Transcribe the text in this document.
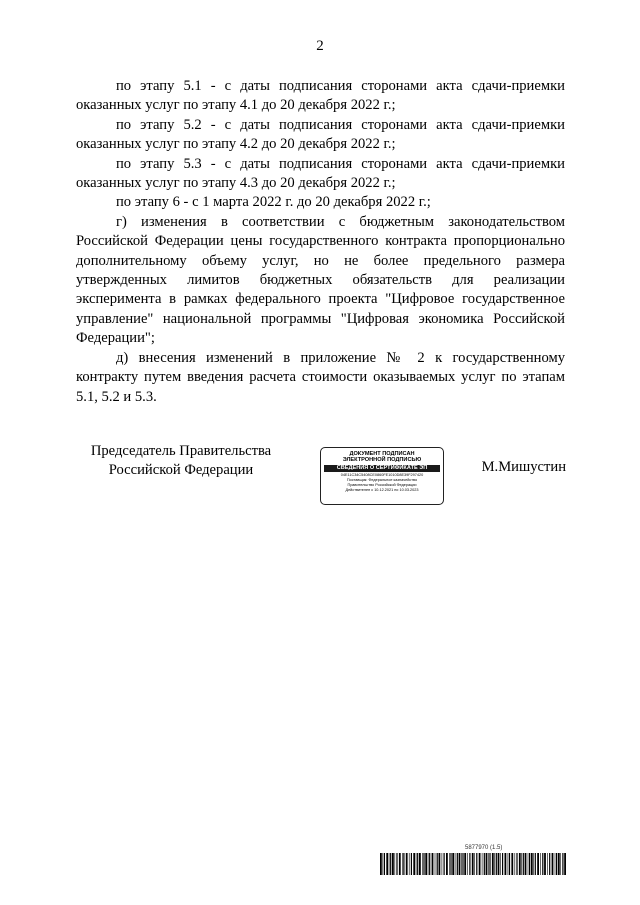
2

по этапу 5.1 - с даты подписания сторонами акта сдачи-приемки оказанных услуг по этапу 4.1 до 20 декабря 2022 г.;

по этапу 5.2 - с даты подписания сторонами акта сдачи-приемки оказанных услуг по этапу 4.2 до 20 декабря 2022 г.;

по этапу 5.3 - с даты подписания сторонами акта сдачи-приемки оказанных услуг по этапу 4.3 до 20 декабря 2022 г.;

по этапу 6 - с 1 марта 2022 г. до 20 декабря 2022 г.;

г) изменения в соответствии с бюджетным законодательством Российской Федерации цены государственного контракта пропорционально дополнительному объему услуг, но не более предельного размера утвержденных лимитов бюджетных обязательств для реализации эксперимента в рамках федерального проекта "Цифровое государственное управление" национальной программы "Цифровая экономика Российской Федерации";

д) внесения изменений в приложение № 2 к государственному контракту путем введения расчета стоимости оказываемых услуг по этапам 5.1, 5.2 и 5.3.

Председатель Правительства
Российской Федерации
ДОКУМЕНТ ПОДПИСАН
ЭЛЕКТРОННОЙ ПОДПИСЬЮ
СВЕДЕНИЯ О СЕРТИФИКАТЕ ЭП
04E11C34C5408CE0860FE1010D8E39F297420
Поставщик: Федеральное казначейство
Правительство Российской Федерации
Действителен с 10.12.2021 по 10.03.2023
М.Мишустин
5877970 (1.5)
